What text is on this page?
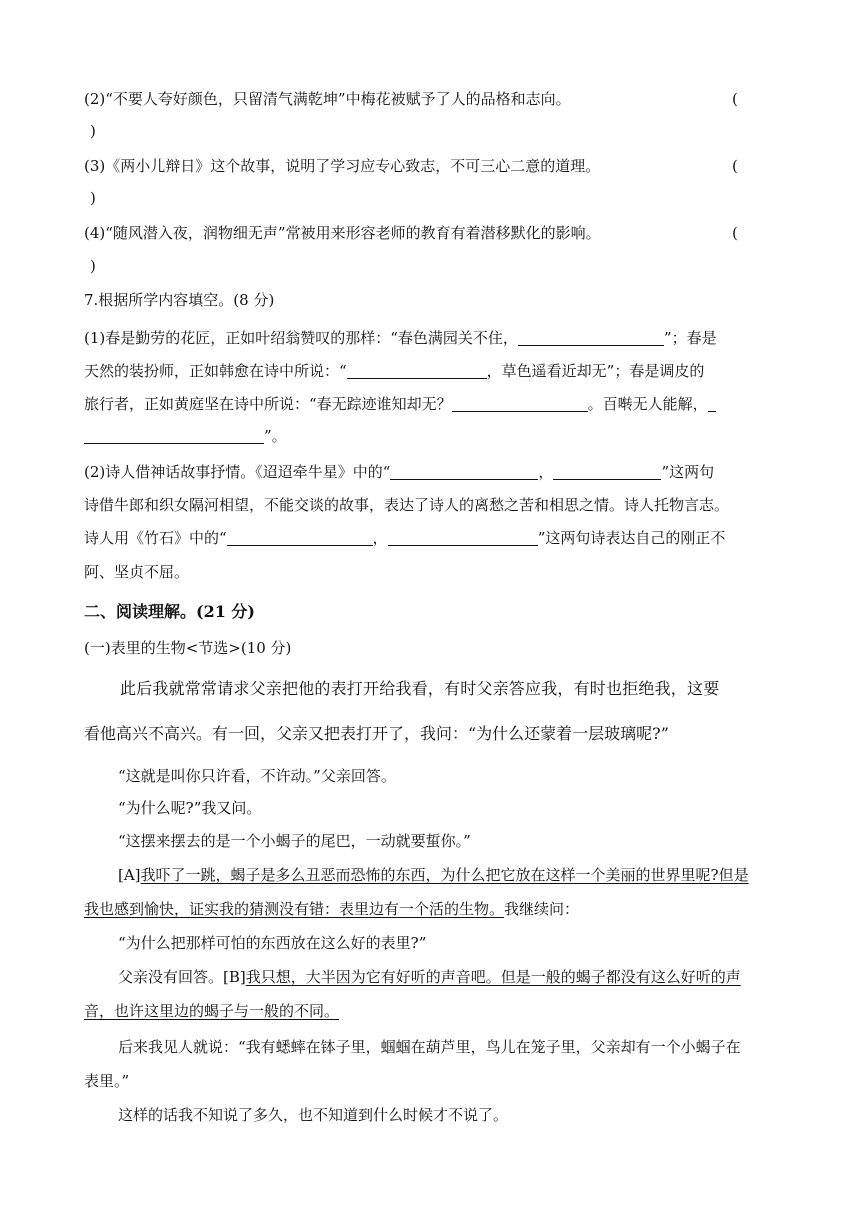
(2)“不要人夸好颜色，只留清气满乾坤”中梅花被赋予了人的品格和志向。	(
)
(3)《两小儿辩日》这个故事，说明了学习应专心致志，不可三心二意的道理。	(
)
(4)“随风潜入夜，润物细无声”常被用来形容老师的教育有着潜移默化的影响。	(
)
7.根据所学内容填空。(8 分)
(1)春是勤劳的花匠，正如叶绍翁赞叹的那样：“春色满园关不住，	”；春是
天然的装扮师，正如韩愈在诗中所说：“	，草色遥看近却无”；春是调皮的
旅行者，正如黄庭坚在诗中所说：“春无踪迹谁知却无？	。百啭无人能解，
”。
(2)诗人借神话故事抒情。《迢迢牵牛星》中的“	，	”这两句
诗借牛郎和织女隔河相望，不能交谈的故事，表达了诗人的离愁之苦和相思之情。诗人托物言志。
诗人用《竹石》中的“	，	”这两句诗表达自己的刚正不
阿、坚贞不屈。
二、阅读理解。(21 分)
(一)表里的生物<节选>(10 分)
此后我就常常请求父亲把他的表打开给我看，有时父亲答应我，有时也拒绝我，这要
看他高兴不高兴。有一回，父亲又把表打开了，我问：“为什么还蒙着一层玻璃呢?”
“这就是叫你只许看，不许动。”父亲回答。
“为什么呢?”我又问。
“这摆来摆去的是一个小蝎子的尾巴，一动就要蜇你。”
[A]我吓了一跳，蝎子是多么丑恶而恐怖的东西，为什么把它放在这样一个美丽的世界里呢?但是
我也感到愉快，证实我的猜测没有错：表里边有一个活的生物。我继续问：
“为什么把那样可怕的东西放在这么好的表里?”
父亲没有回答。[B]我只想，大半因为它有好听的声音吧。但是一般的蝎子都没有这么好听的声
音，也许这里边的蝎子与一般的不同。
后来我见人就说：“我有蟋蟀在钵子里，蝈蝈在葫芦里，鸟儿在笼子里，父亲却有一个小蝎子在
表里。”
这样的话我不知说了多久，也不知道到什么时候才不说了。
